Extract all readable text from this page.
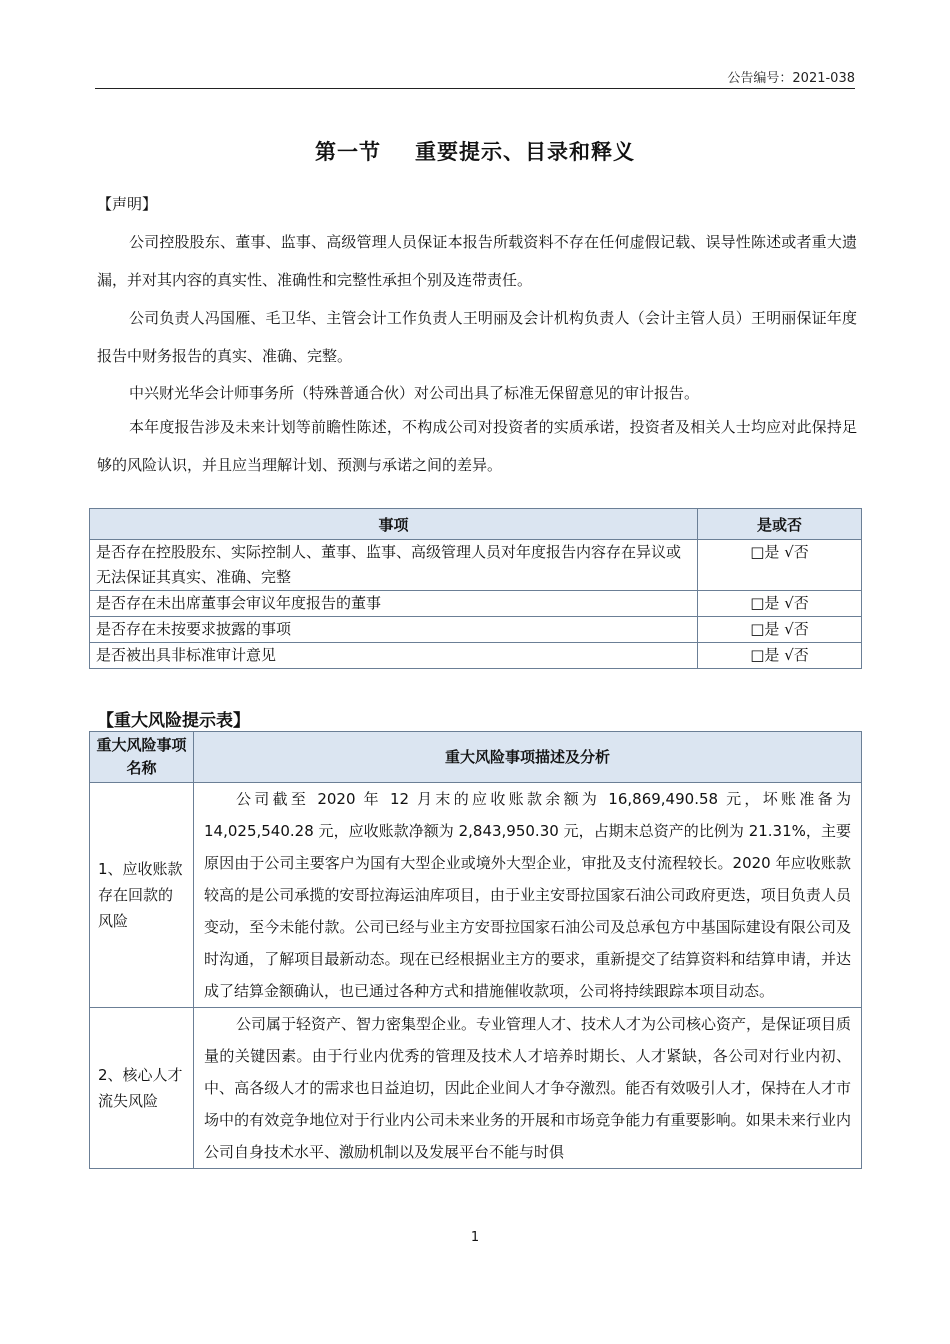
公告编号：2021-038
第一节 重要提示、目录和释义
【声明】
公司控股股东、董事、监事、高级管理人员保证本报告所载资料不存在任何虚假记载、误导性陈述或者重大遗漏，并对其内容的真实性、准确性和完整性承担个别及连带责任。
公司负责人冯国雁、毛卫华、主管会计工作负责人王明丽及会计机构负责人（会计主管人员）王明丽保证年度报告中财务报告的真实、准确、完整。
中兴财光华会计师事务所（特殊普通合伙）对公司出具了标准无保留意见的审计报告。
本年度报告涉及未来计划等前瞻性陈述，不构成公司对投资者的实质承诺，投资者及相关人士均应对此保持足够的风险认识，并且应当理解计划、预测与承诺之间的差异。
事项	是或否
是否存在控股股东、实际控制人、董事、监事、高级管理人员对年度报告内容存在异议或无法保证其真实、准确、完整	□是 √否
是否存在未出席董事会审议年度报告的董事	□是 √否
是否存在未按要求披露的事项	□是 √否
是否被出具非标准审计意见	□是 √否
【重大风险提示表】
重大风险事项名称	重大风险事项描述及分析
1、应收账款存在回款的风险	公司截至 2020 年 12 月末的应收账款余额为 16,869,490.58 元，坏账准备为 14,025,540.28 元，应收账款净额为 2,843,950.30 元，占期末总资产的比例为 21.31%，主要原因由于公司主要客户为国有大型企业或境外大型企业，审批及支付流程较长。2020 年应收账款较高的是公司承揽的安哥拉海运油库项目，由于业主安哥拉国家石油公司政府更迭，项目负责人员变动，至今未能付款。公司已经与业主方安哥拉国家石油公司及总承包方中基国际建设有限公司及时沟通，了解项目最新动态。现在已经根据业主方的要求，重新提交了结算资料和结算申请，并达成了结算金额确认，也已通过各种方式和措施催收款项，公司将持续跟踪本项目动态。
2、核心人才流失风险	公司属于轻资产、智力密集型企业。专业管理人才、技术人才为公司核心资产，是保证项目质量的关键因素。由于行业内优秀的管理及技术人才培养时期长、人才紧缺，各公司对行业内初、中、高各级人才的需求也日益迫切，因此企业间人才争夺激烈。能否有效吸引人才，保持在人才市场中的有效竞争地位对于行业内公司未来业务的开展和市场竞争能力有重要影响。如果未来行业内公司自身技术水平、激励机制以及发展平台不能与时俱
1
